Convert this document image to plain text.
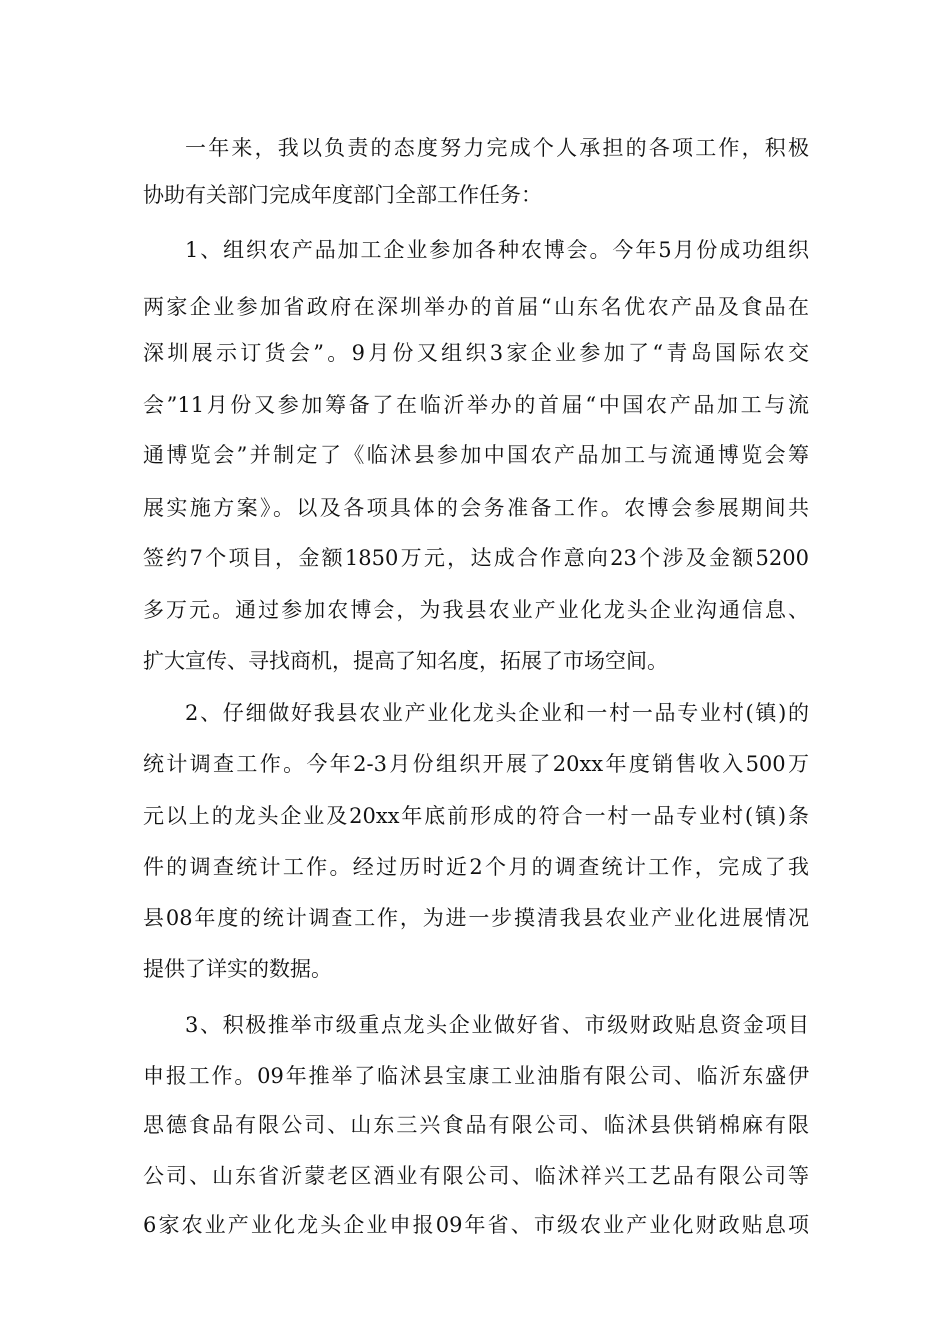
一年来，我以负责的态度努力完成个人承担的各项工作，积极
协助有关部门完成年度部门全部工作任务：
1、组织农产品加工企业参加各种农博会。今年5月份成功组织
两家企业参加省政府在深圳举办的首届“山东名优农产品及食品在
深圳展示订货会”。9月份又组织3家企业参加了“青岛国际农交
会”11月份又参加筹备了在临沂举办的首届“中国农产品加工与流
通博览会”并制定了《临沭县参加中国农产品加工与流通博览会筹
展实施方案》。以及各项具体的会务准备工作。农博会参展期间共
签约7个项目，金额1850万元，达成合作意向23个涉及金额5200
多万元。通过参加农博会，为我县农业产业化龙头企业沟通信息、
扩大宣传、寻找商机，提高了知名度，拓展了市场空间。
2、仔细做好我县农业产业化龙头企业和一村一品专业村(镇)的
统计调查工作。今年2-3月份组织开展了20xx年度销售收入500万
元以上的龙头企业及20xx年底前形成的符合一村一品专业村(镇)条
件的调查统计工作。经过历时近2个月的调查统计工作，完成了我
县08年度的统计调查工作，为进一步摸清我县农业产业化进展情况
提供了详实的数据。
3、积极推举市级重点龙头企业做好省、市级财政贴息资金项目
申报工作。09年推举了临沭县宝康工业油脂有限公司、临沂东盛伊
思德食品有限公司、山东三兴食品有限公司、临沭县供销棉麻有限
公司、山东省沂蒙老区酒业有限公司、临沭祥兴工艺品有限公司等
6家农业产业化龙头企业申报09年省、市级农业产业化财政贴息项
